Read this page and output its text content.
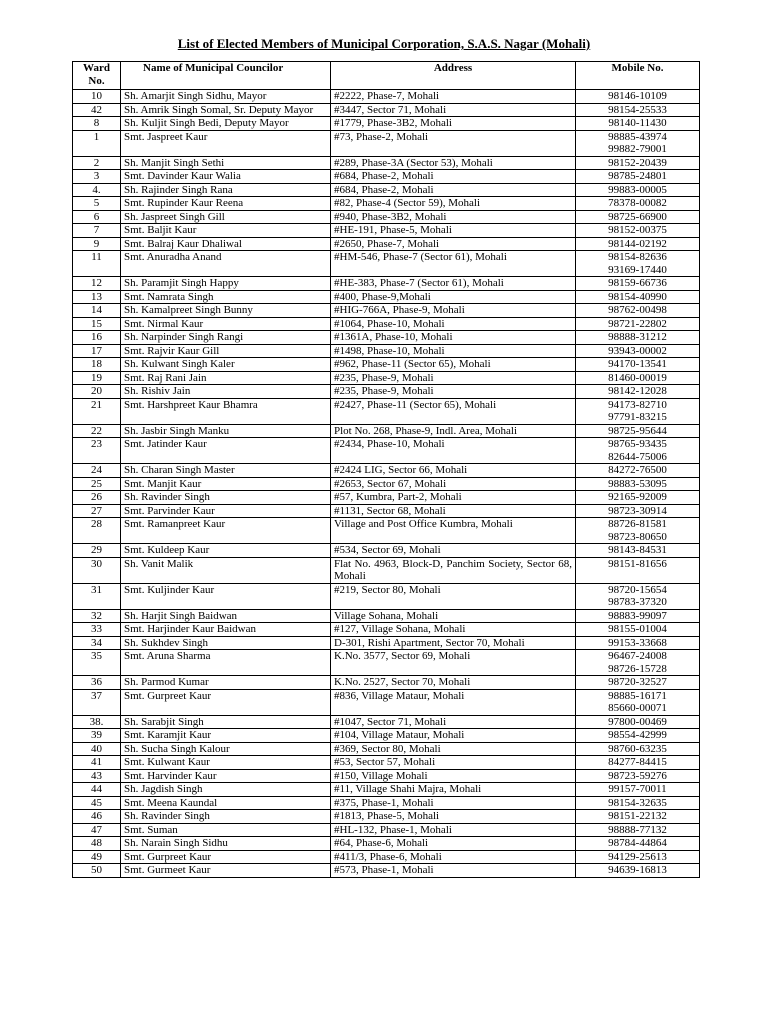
List of Elected Members of Municipal Corporation, S.A.S. Nagar (Mohali)
Ward No.	Name of Municipal Councilor	Address	Mobile No.
10	Sh. Amarjit Singh Sidhu, Mayor	#2222, Phase-7, Mohali	98146-10109
42	Sh. Amrik Singh Somal, Sr. Deputy Mayor	#3447, Sector 71, Mohali	98154-25533
8	Sh. Kuljit Singh Bedi, Deputy Mayor	#1779, Phase-3B2, Mohali	98140-11430
1	Smt. Jaspreet Kaur	#73, Phase-2, Mohali	98885-43974
99882-79001
2	Sh. Manjit Singh Sethi	#289, Phase-3A (Sector 53), Mohali	98152-20439
3	Smt. Davinder Kaur Walia	#684, Phase-2, Mohali	98785-24801
4.	Sh. Rajinder Singh Rana	#684, Phase-2, Mohali	99883-00005
5	Smt. Rupinder Kaur Reena	#82, Phase-4 (Sector 59), Mohali	78378-00082
6	Sh. Jaspreet Singh Gill	#940, Phase-3B2, Mohali	98725-66900
7	Smt. Baljit Kaur	#HE-191, Phase-5, Mohali	98152-00375
9	Smt. Balraj Kaur Dhaliwal	#2650, Phase-7, Mohali	98144-02192
11	Smt. Anuradha Anand	#HM-546, Phase-7 (Sector 61), Mohali	98154-82636
93169-17440
12	Sh. Paramjit Singh Happy	#HE-383, Phase-7 (Sector 61), Mohali	98159-66736
13	Smt. Namrata Singh	#400, Phase-9,Mohali	98154-40990
14	Sh. Kamalpreet Singh Bunny	#HIG-766A, Phase-9, Mohali	98762-00498
15	Smt. Nirmal Kaur	#1064, Phase-10, Mohali	98721-22802
16	Sh. Narpinder Singh Rangi	#1361A, Phase-10, Mohali	98888-31212
17	Smt. Rajvir Kaur Gill	#1498, Phase-10, Mohali	93943-00002
18	Sh. Kulwant Singh Kaler	#962, Phase-11 (Sector 65), Mohali	94170-13541
19	Smt. Raj Rani Jain	#235, Phase-9, Mohali	81460-00019
20	Sh. Rishiv Jain	#235, Phase-9, Mohali	98142-12028
21	Smt. Harshpreet Kaur Bhamra	#2427, Phase-11 (Sector 65), Mohali	94173-82710
97791-83215
22	Sh. Jasbir Singh Manku	Plot No. 268, Phase-9, Indl. Area, Mohali	98725-95644
23	Smt. Jatinder Kaur	#2434, Phase-10, Mohali	98765-93435
82644-75006
24	Sh. Charan Singh Master	#2424 LIG, Sector 66, Mohali	84272-76500
25	Smt. Manjit Kaur	#2653, Sector 67, Mohali	98883-53095
26	Sh. Ravinder Singh	#57, Kumbra, Part-2, Mohali	92165-92009
27	Smt. Parvinder Kaur	#1131, Sector 68, Mohali	98723-30914
28	Smt. Ramanpreet Kaur	Village and Post Office Kumbra, Mohali	88726-81581
98723-80650
29	Smt. Kuldeep Kaur	#534, Sector 69, Mohali	98143-84531
30	Sh. Vanit Malik	Flat No. 4963, Block-D, Panchim Society, Sector 68, Mohali	98151-81656
31	Smt. Kuljinder Kaur	#219, Sector 80, Mohali	98720-15654
98783-37320
32	Sh. Harjit Singh Baidwan	Village Sohana, Mohali	98883-99097
33	Smt. Harjinder Kaur Baidwan	#127, Village Sohana, Mohali	98155-01004
34	Sh. Sukhdev Singh	D-301, Rishi Apartment, Sector 70, Mohali	99153-33668
35	Smt. Aruna Sharma	K.No. 3577, Sector 69, Mohali	96467-24008
98726-15728
36	Sh. Parmod Kumar	K.No. 2527, Sector 70, Mohali	98720-32527
37	Smt. Gurpreet Kaur	#836, Village Mataur, Mohali	98885-16171
85660-00071
38.	Sh. Sarabjit Singh	#1047, Sector 71, Mohali	97800-00469
39	Smt. Karamjit Kaur	#104, Village Mataur, Mohali	98554-42999
40	Sh. Sucha Singh Kalour	#369, Sector 80, Mohali	98760-63235
41	Smt. Kulwant Kaur	#53, Sector 57, Mohali	84277-84415
43	Smt. Harvinder Kaur	#150, Village Mohali	98723-59276
44	Sh. Jagdish Singh	#11, Village Shahi Majra, Mohali	99157-70011
45	Smt. Meena Kaundal	#375, Phase-1, Mohali	98154-32635
46	Sh. Ravinder Singh	#1813, Phase-5, Mohali	98151-22132
47	Smt. Suman	#HL-132, Phase-1, Mohali	98888-77132
48	Sh. Narain Singh Sidhu	#64, Phase-6, Mohali	98784-44864
49	Smt. Gurpreet Kaur	#411/3, Phase-6, Mohali	94129-25613
50	Smt. Gurmeet Kaur	#573, Phase-1, Mohali	94639-16813
